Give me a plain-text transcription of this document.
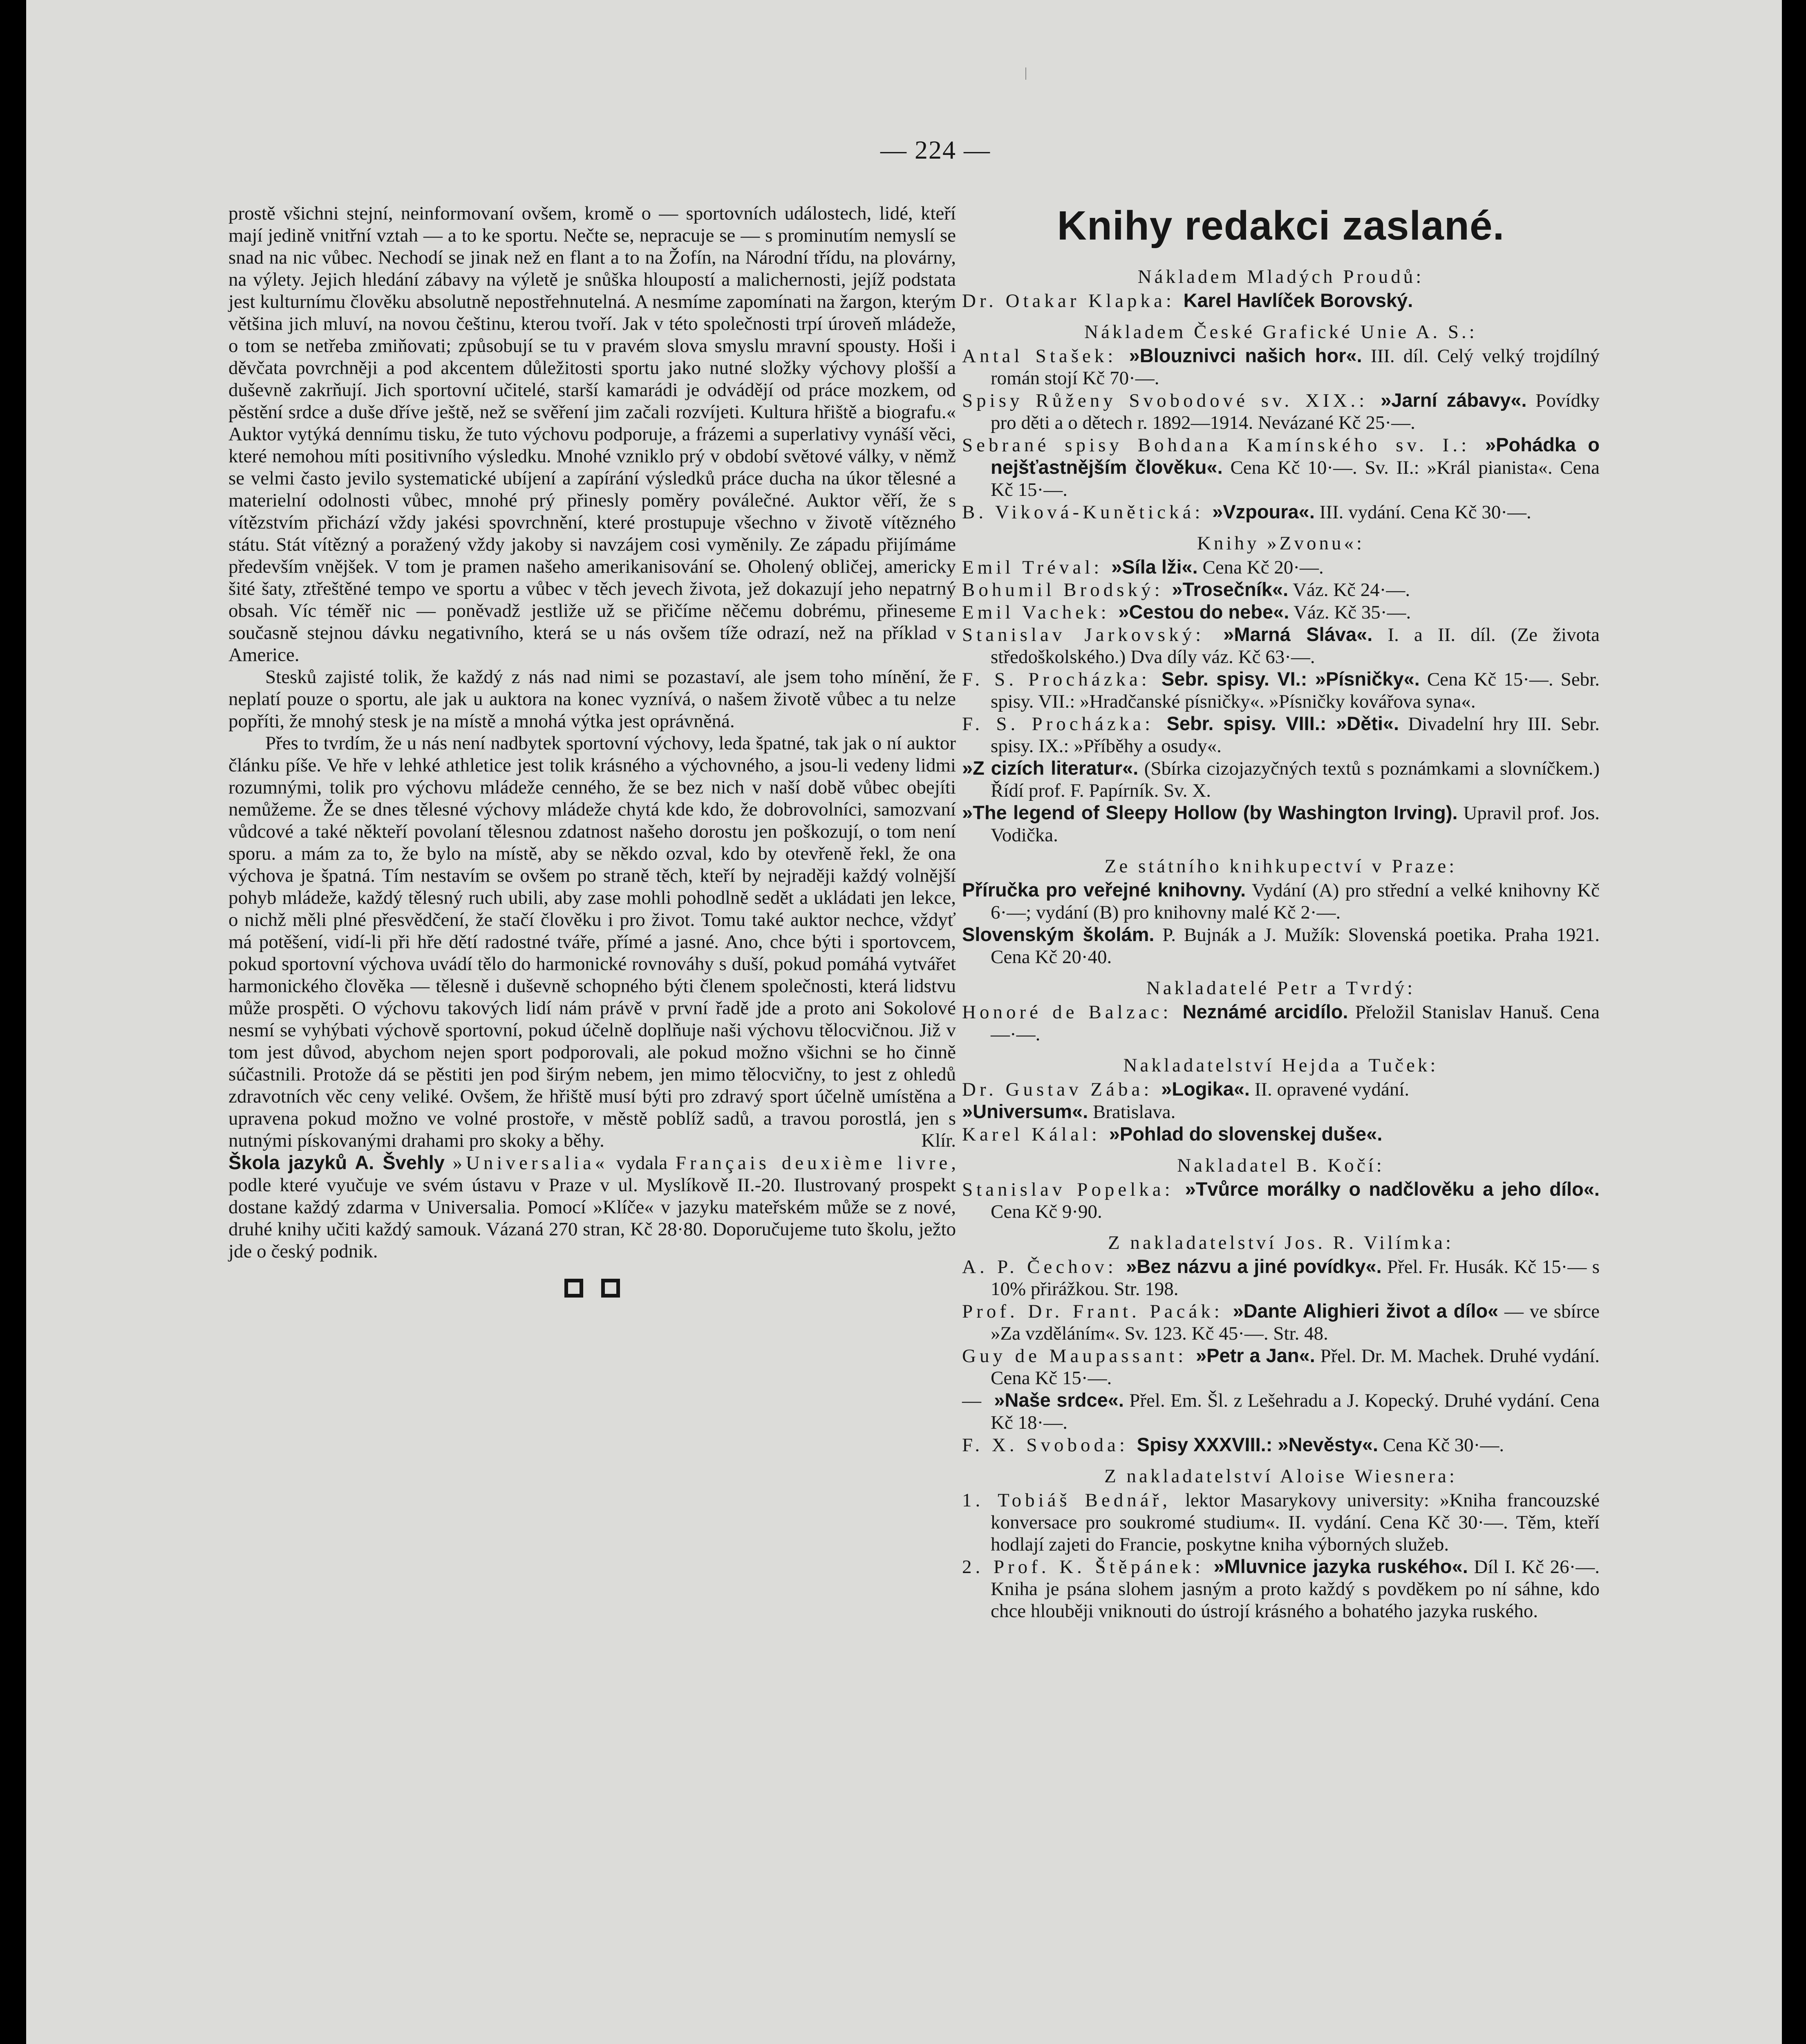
— 224 —

prostě všichni stejní, neinformovaní ovšem, kromě o — sportovních událostech, lidé, kteří mají jedině vnitřní vztah — a to ke sportu. Nečte se, nepracuje se — s prominutím nemyslí se snad na nic vůbec. Nechodí se jinak než en flant a to na Žofín, na Národní třídu, na plovárny, na výlety. Jejich hledání zábavy na výletě je snůška hloupostí a malichernosti, jejíž podstata jest kulturnímu člověku absolutně nepostřehnutelná. A nesmíme zapomínati na žargon, kterým většina jich mluví, na novou češtinu, kterou tvoří. Jak v této společnosti trpí úroveň mládeže, o tom se netřeba zmiňovati; způsobují se tu v pravém slova smyslu mravní spousty. Hoši i děvčata povrchněji a pod akcentem důležitosti sportu jako nutné složky výchovy plošší a duševně zakrňují. Jich sportovní učitelé, starší kamarádi je odvádějí od práce mozkem, od pěstění srdce a duše dříve ještě, než se svěření jim začali rozvíjeti. Kultura hřiště a biografu.« Auktor vytýká dennímu tisku, že tuto výchovu podporuje, a frázemi a superlativy vynáší věci, které nemohou míti positivního výsledku. Mnohé vzniklo prý v období světové války, v němž se velmi často jevilo systematické ubíjení a zapírání výsledků práce ducha na úkor tělesné a materielní odolnosti vůbec, mnohé prý přinesly poměry poválečné. Auktor věří, že s vítězstvím přichází vždy jakési spovrchnění, které prostupuje všechno v životě vítězného státu. Stát vítězný a poražený vždy jakoby si navzájem cosi vyměnily. Ze západu přijímáme především vnějšek. V tom je pramen našeho amerikanisování se. Oholený obličej, americky šité šaty, ztřeštěné tempo ve sportu a vůbec v těch jevech života, jež dokazují jeho nepatrný obsah. Víc téměř nic — poněvadž jestliže už se přičíme něčemu dobrému, přineseme současně stejnou dávku negativního, která se u nás ovšem tíže odrazí, než na příklad v Americe.

Stesků zajisté tolik, že každý z nás nad nimi se pozastaví, ale jsem toho mínění, že neplatí pouze o sportu, ale jak u auktora na konec vyznívá, o našem životě vůbec a tu nelze popříti, že mnohý stesk je na místě a mnohá výtka jest oprávněná.

Přes to tvrdím, že u nás není nadbytek sportovní výchovy, leda špatné, tak jak o ní auktor článku píše. Ve hře v lehké athletice jest tolik krásného a výchovného, a jsou-li vedeny lidmi rozumnými, tolik pro výchovu mládeže cenného, že se bez nich v naší době vůbec obejíti nemůžeme. Že se dnes tělesné výchovy mládeže chytá kde kdo, že dobrovolníci, samozvaní vůdcové a také někteří povolaní tělesnou zdatnost našeho dorostu jen poškozují, o tom není sporu. a mám za to, že bylo na místě, aby se někdo ozval, kdo by otevřeně řekl, že ona výchova je špatná. Tím nestavím se ovšem po straně těch, kteří by nejraději každý volnější pohyb mládeže, každý tělesný ruch ubili, aby zase mohli pohodlně sedět a ukládati jen lekce, o nichž měli plné přesvědčení, že stačí člověku i pro život. Tomu také auktor nechce, vždyť má potěšení, vidí-li při hře dětí radostné tváře, přímé a jasné. Ano, chce býti i sportovcem, pokud sportovní výchova uvádí tělo do harmonické rovnováhy s duší, pokud pomáhá vytvářet harmonického člověka — tělesně i duševně schopného býti členem společnosti, která lidstvu může prospěti. O výchovu takových lidí nám právě v první řadě jde a proto ani Sokolové nesmí se vyhýbati výchově sportovní, pokud účelně doplňuje naši výchovu tělocvičnou. Již v tom jest důvod, abychom nejen sport podporovali, ale pokud možno všichni se ho činně súčastnili. Protože dá se pěstiti jen pod širým nebem, jen mimo tělocvičny, to jest z ohledů zdravotních věc ceny veliké. Ovšem, že hřiště musí býti pro zdravý sport účelně umístěna a upravena pokud možno ve volné prostoře, v městě poblíž sadů, a travou porostlá, jen s nutnými pískovanými drahami pro skoky a běhy.	Klír.

Škola jazyků A. Švehly »Universalia« vydala Français deuxième livre, podle které vyučuje ve svém ústavu v Praze v ul. Myslíkově II.-20. Ilustrovaný prospekt dostane každý zdarma v Universalia. Pomocí »Klíče« v jazyku mateřském může se z nové, druhé knihy učiti každý samouk. Vázaná 270 stran, Kč 28·80. Doporučujeme tuto školu, ježto jde o český podnik.

Knihy redakci zaslané.
Nákladem Mladých Proudů:

Dr. Otakar Klapka: Karel Havlíček Borovský.

Nákladem České Grafické Unie A. S.:

Antal Stašek: »Blouznivci našich hor«. III. díl. Celý velký trojdílný román stojí Kč 70·—.

Spisy Růženy Svobodové sv. XIX.: »Jarní zábavy«. Povídky pro děti a o dětech r. 1892—1914. Nevázané Kč 25·—.

Sebrané spisy Bohdana Kamínského sv. I.: »Pohádka o nejšťastnějším člověku«. Cena Kč 10·—. Sv. II.: »Král pianista«. Cena Kč 15·—.

B. Viková-Kunětická: »Vzpoura«. III. vydání. Cena Kč 30·—.

Knihy »Zvonu«:

Emil Tréval: »Síla lži«. Cena Kč 20·—.

Bohumil Brodský: »Trosečník«. Váz. Kč 24·—.

Emil Vachek: »Cestou do nebe«. Váz. Kč 35·—.

Stanislav Jarkovský: »Marná Sláva«. I. a II. díl. (Ze života středoškolského.) Dva díly váz. Kč 63·—.

F. S. Procházka: Sebr. spisy. VI.: »Písničky«. Cena Kč 15·—. Sebr. spisy. VII.: »Hradčanské písničky«. »Písničky kovářova syna«.

F. S. Procházka: Sebr. spisy. VIII.: »Děti«. Divadelní hry III. Sebr. spisy. IX.: »Příběhy a osudy«.

»Z cizích literatur«. (Sbírka cizojazyčných textů s poznámkami a slovníčkem.) Řídí prof. F. Papírník. Sv. X.

»The legend of Sleepy Hollow (by Washington Irving). Upravil prof. Jos. Vodička.

Ze státního knihkupectví v Praze:

Příručka pro veřejné knihovny. Vydání (A) pro střední a velké knihovny Kč 6·—; vydání (B) pro knihovny malé Kč 2·—.

Slovenským školám. P. Bujnák a J. Mužík: Slovenská poetika. Praha 1921. Cena Kč 20·40.

Nakladatelé Petr a Tvrdý:

Honoré de Balzac: Neznámé arcidílo. Přeložil Stanislav Hanuš. Cena —·—.

Nakladatelství Hejda a Tuček:

Dr. Gustav Zába: »Logika«. II. opravené vydání.

»Universum«. Bratislava.

Karel Kálal: »Pohlad do slovenskej duše«.

Nakladatel B. Kočí:

Stanislav Popelka: »Tvůrce morálky o nadčlověku a jeho dílo«. Cena Kč 9·90.

Z nakladatelství Jos. R. Vilímka:

A. P. Čechov: »Bez názvu a jiné povídky«. Přel. Fr. Husák. Kč 15·— s 10% přirážkou. Str. 198.

Prof. Dr. Frant. Pacák: »Dante Alighieri život a dílo« — ve sbírce »Za vzděláním«. Sv. 123. Kč 45·—. Str. 48.

Guy de Maupassant: »Petr a Jan«. Přel. Dr. M. Machek. Druhé vydání. Cena Kč 15·—.

— »Naše srdce«. Přel. Em. Šl. z Lešehradu a J. Kopecký. Druhé vydání. Cena Kč 18·—.

F. X. Svoboda: Spisy XXXVIII.: »Nevěsty«. Cena Kč 30·—.

Z nakladatelství Aloise Wiesnera:

1. Tobiáš Bednář, lektor Masarykovy university: »Kniha francouzské konversace pro soukromé studium«. II. vydání. Cena Kč 30·—. Těm, kteří hodlají zajeti do Francie, poskytne kniha výborných služeb.

2. Prof. K. Štěpánek: »Mluvnice jazyka ruského«. Díl I. Kč 26·—. Kniha je psána slohem jasným a proto každý s povděkem po ní sáhne, kdo chce hlouběji vniknouti do ústrojí krásného a bohatého jazyka ruského.
